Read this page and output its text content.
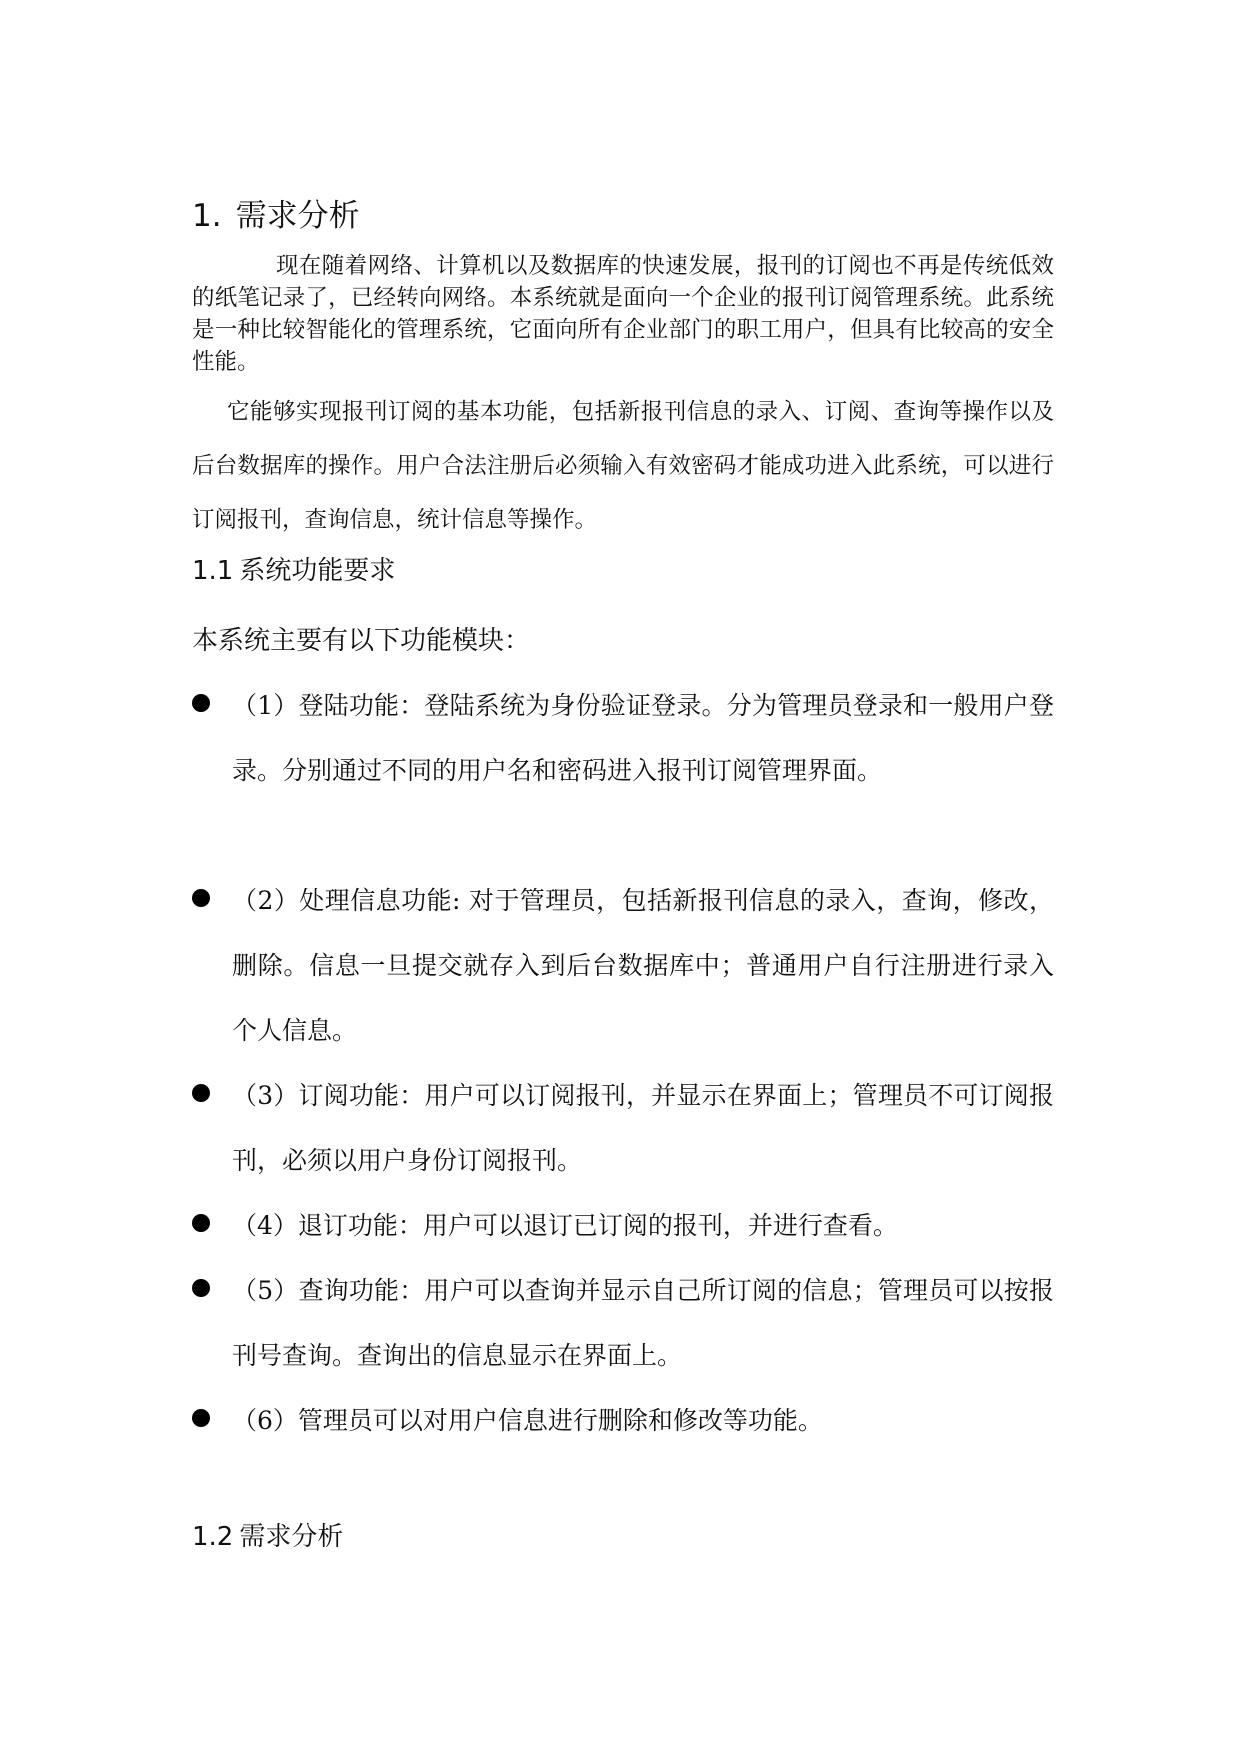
1. 需求分析

现在随着网络、计算机以及数据库的快速发展，报刊的订阅也不再是传统低效的纸笔记录了，已经转向网络。本系统就是面向一个企业的报刊订阅管理系统。此系统是一种比较智能化的管理系统，它面向所有企业部门的职工用户，但具有比较高的安全性能。

它能够实现报刊订阅的基本功能，包括新报刊信息的录入、订阅、查询等操作以及后台数据库的操作。用户合法注册后必须输入有效密码才能成功进入此系统，可以进行订阅报刊，查询信息，统计信息等操作。

1.1 系统功能要求
本系统主要有以下功能模块：

（1）登陆功能：登陆系统为身份验证登录。分为管理员登录和一般用户登录。分别通过不同的用户名和密码进入报刊订阅管理界面。

（2）处理信息功能: 对于管理员，包括新报刊信息的录入，查询，修改，删除。信息一旦提交就存入到后台数据库中；普通用户自行注册进行录入个人信息。

（3）订阅功能：用户可以订阅报刊，并显示在界面上；管理员不可订阅报刊，必须以用户身份订阅报刊。

（4）退订功能：用户可以退订已订阅的报刊，并进行查看。

（5）查询功能：用户可以查询并显示自己所订阅的信息；管理员可以按报刊号查询。查询出的信息显示在界面上。

（6）管理员可以对用户信息进行删除和修改等功能。

1.2 需求分析
